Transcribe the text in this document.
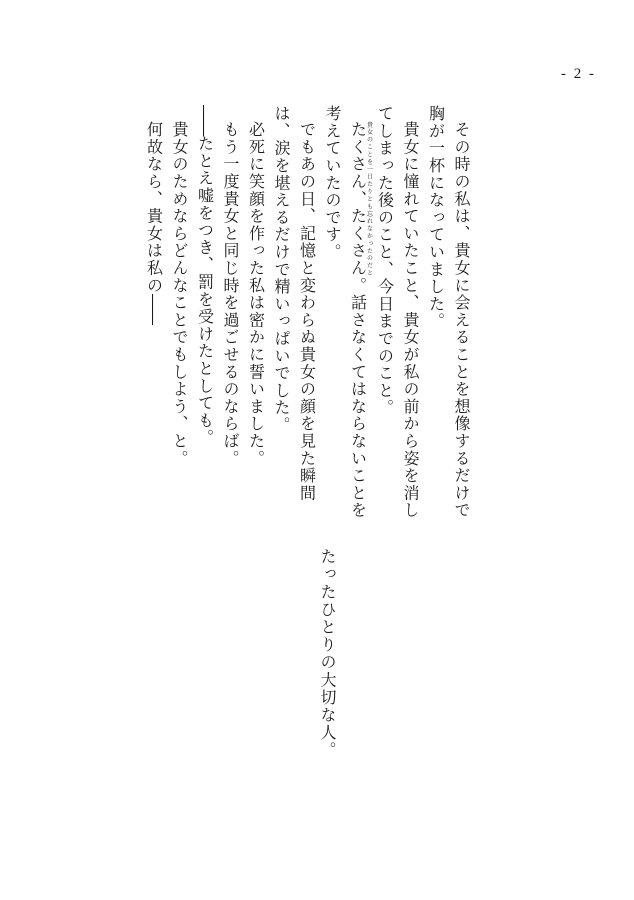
- 2 -

その時の私は、貴女に会えることを想像するだけで胸が一杯になっていました。

貴女に憧れていたこと、貴女が私の前から姿を消してしまった後のこと、今日までのこと。

たくさん、たくさん貴女のことを一日たりとも忘れなかったのだと。話さなくてはならないことを考えていたのです。

でもあの日、記憶と変わらぬ貴女の顔を見た瞬間は、涙を堪えるだけで精いっぱいでした。

必死に笑顔を作った私は密かに誓いました。

もう一度貴女と同じ時を過ごせるのならば。

――たとえ嘘をつき、罰を受けたとしても。

貴女のためならどんなことでもしよう、と。

何故なら、貴女は私の――

たったひとりの大切な人。
